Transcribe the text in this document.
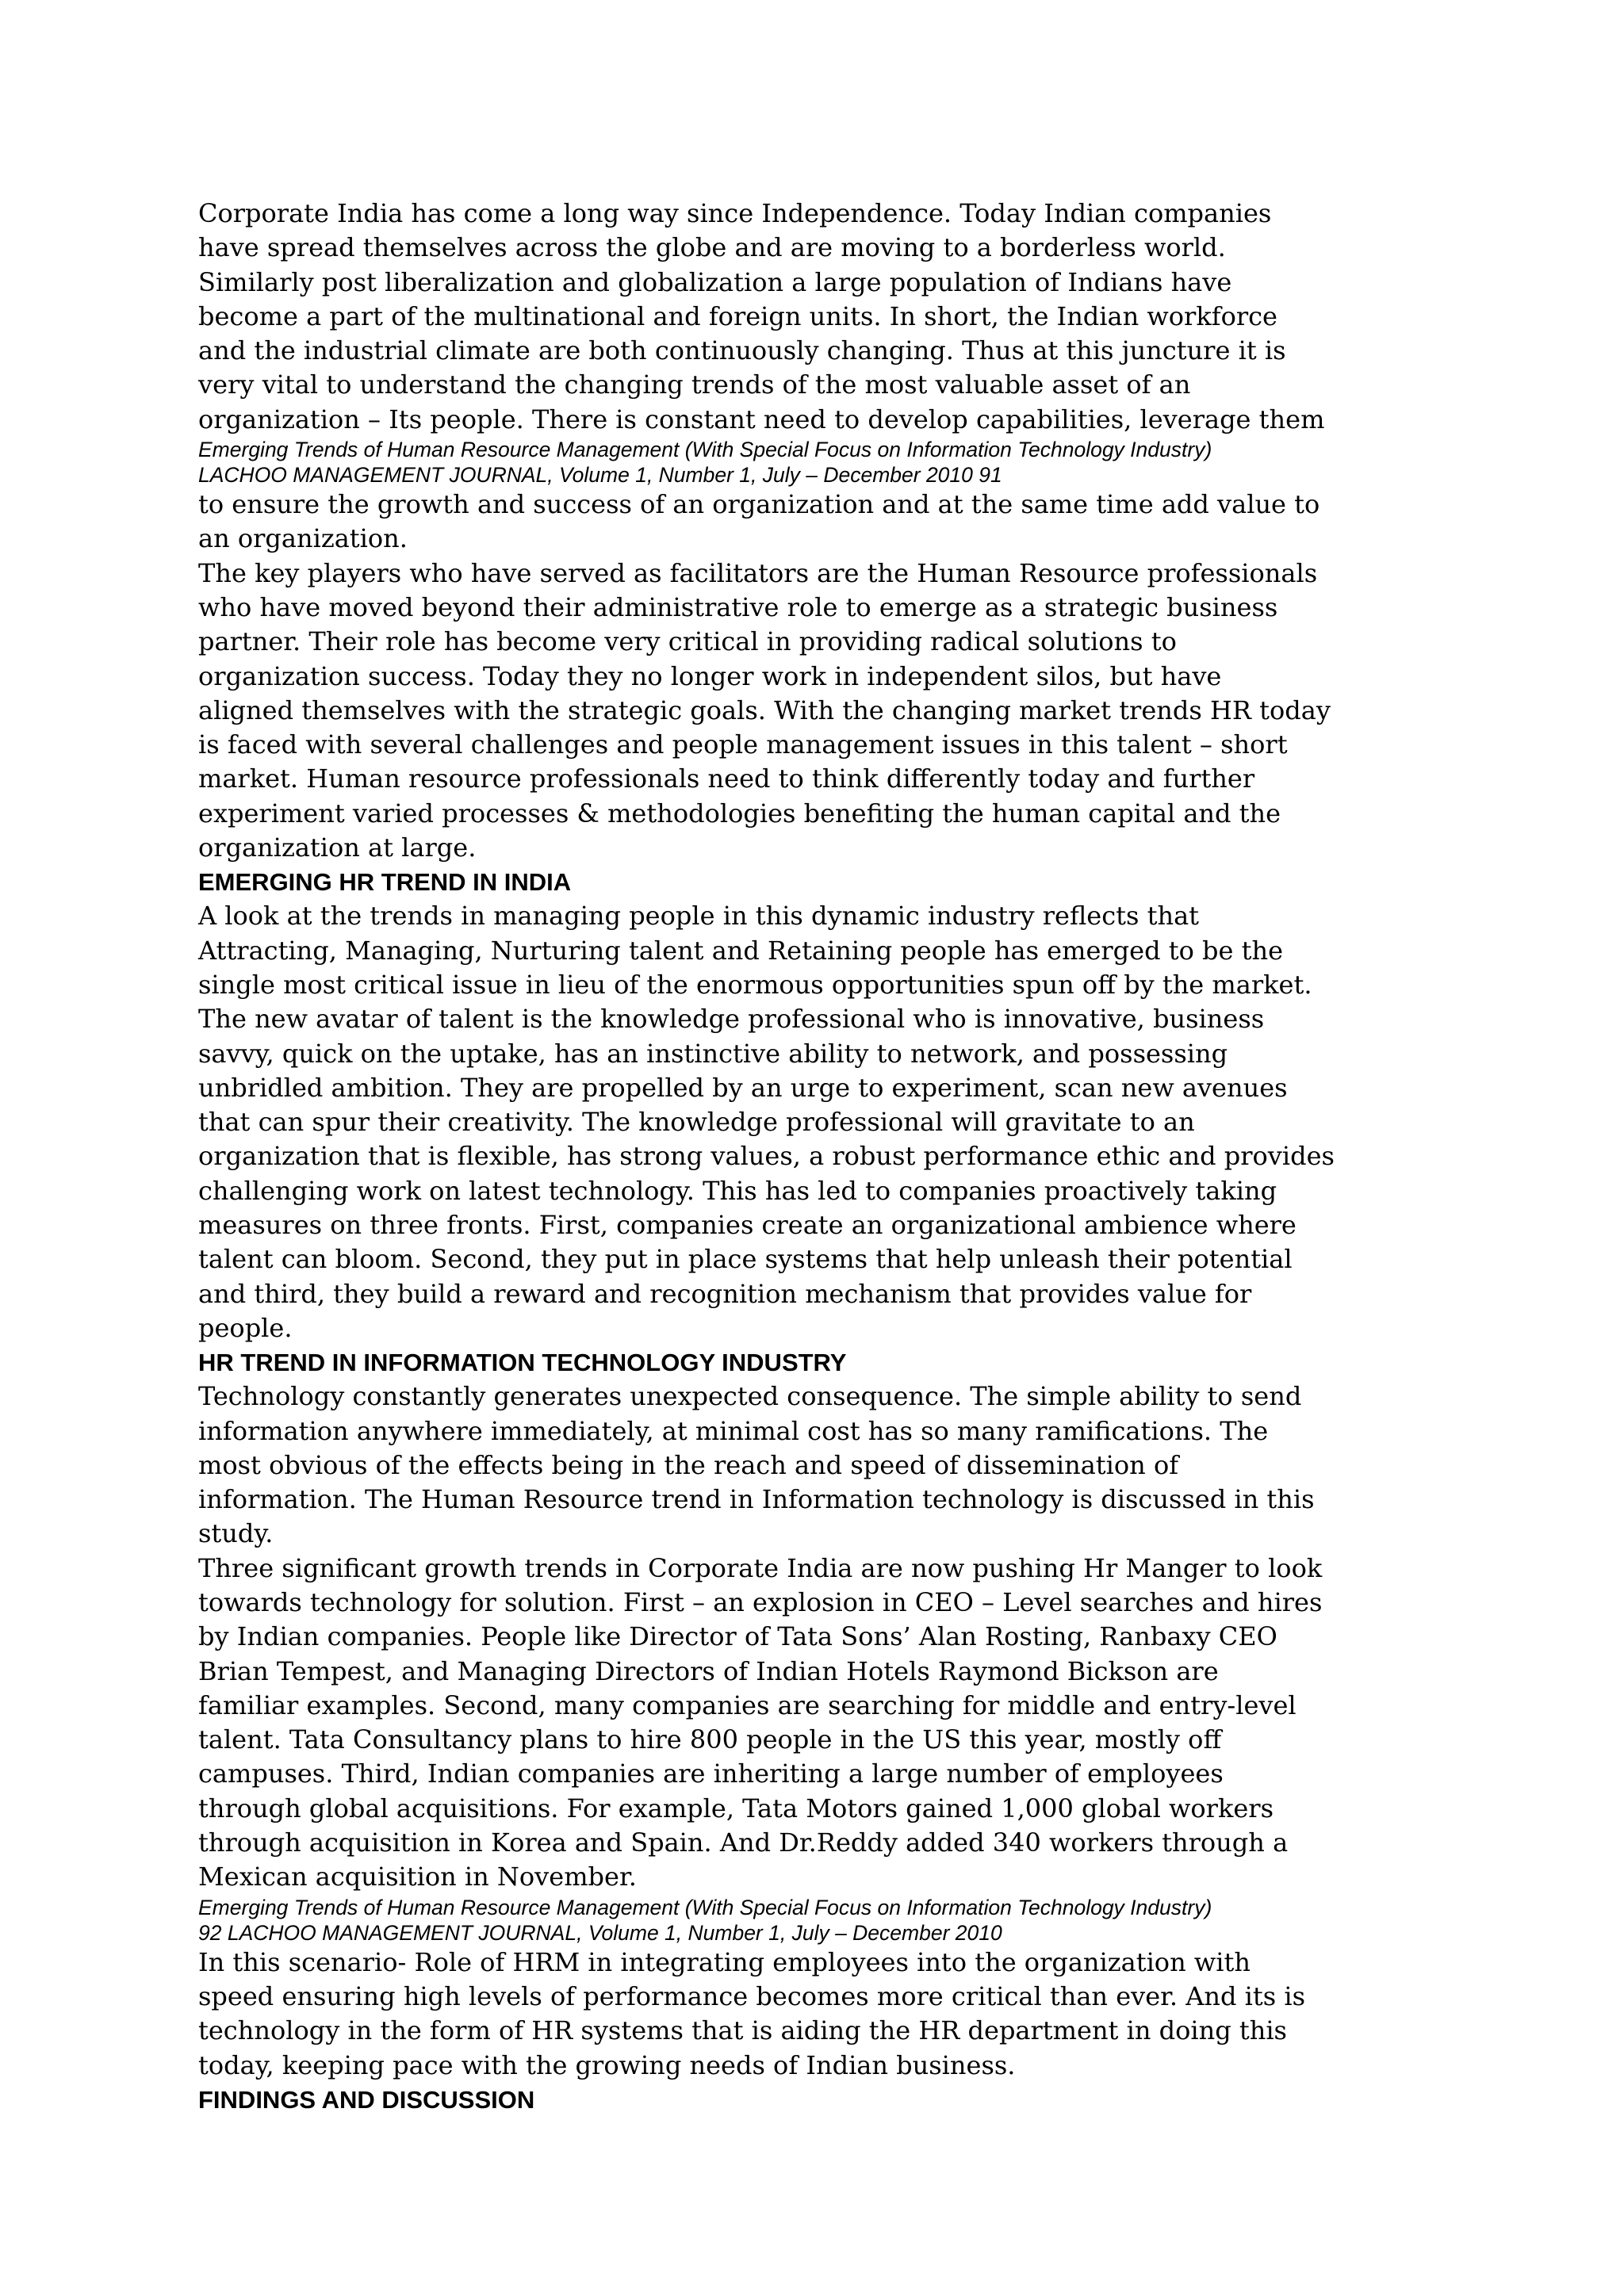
Corporate India has come a long way since Independence. Today Indian companies
have spread themselves across the globe and are moving to a borderless world.
Similarly post liberalization and globalization a large population of Indians have
become a part of the multinational and foreign units. In short, the Indian workforce
and the industrial climate are both continuously changing. Thus at this juncture it is
very vital to understand the changing trends of the most valuable asset of an
organization – Its people. There is constant need to develop capabilities, leverage them
Emerging Trends of Human Resource Management (With Special Focus on Information Technology Industry)
LACHOO MANAGEMENT JOURNAL, Volume 1, Number 1, July – December 2010 91
to ensure the growth and success of an organization and at the same time add value to
an organization.
The key players who have served as facilitators are the Human Resource professionals
who have moved beyond their administrative role to emerge as a strategic business
partner. Their role has become very critical in providing radical solutions to
organization success. Today they no longer work in independent silos, but have
aligned themselves with the strategic goals. With the changing market trends HR today
is faced with several challenges and people management issues in this talent – short
market. Human resource professionals need to think differently today and further
experiment varied processes & methodologies benefiting the human capital and the
organization at large.
EMERGING HR TREND IN INDIA
A look at the trends in managing people in this dynamic industry reflects that
Attracting, Managing, Nurturing talent and Retaining people has emerged to be the
single most critical issue in lieu of the enormous opportunities spun off by the market.
The new avatar of talent is the knowledge professional who is innovative, business
savvy, quick on the uptake, has an instinctive ability to network, and possessing
unbridled ambition. They are propelled by an urge to experiment, scan new avenues
that can spur their creativity. The knowledge professional will gravitate to an
organization that is flexible, has strong values, a robust performance ethic and provides
challenging work on latest technology. This has led to companies proactively taking
measures on three fronts. First, companies create an organizational ambience where
talent can bloom. Second, they put in place systems that help unleash their potential
and third, they build a reward and recognition mechanism that provides value for
people.
HR TREND IN INFORMATION TECHNOLOGY INDUSTRY
Technology constantly generates unexpected consequence. The simple ability to send
information anywhere immediately, at minimal cost has so many ramifications. The
most obvious of the effects being in the reach and speed of dissemination of
information. The Human Resource trend in Information technology is discussed in this
study.
Three significant growth trends in Corporate India are now pushing Hr Manger to look
towards technology for solution. First – an explosion in CEO – Level searches and hires
by Indian companies. People like Director of Tata Sons’ Alan Rosting, Ranbaxy CEO
Brian Tempest, and Managing Directors of Indian Hotels Raymond Bickson are
familiar examples. Second, many companies are searching for middle and entry-level
talent. Tata Consultancy plans to hire 800 people in the US this year, mostly off
campuses. Third, Indian companies are inheriting a large number of employees
through global acquisitions. For example, Tata Motors gained 1,000 global workers
through acquisition in Korea and Spain. And Dr.Reddy added 340 workers through a
Mexican acquisition in November.
Emerging Trends of Human Resource Management (With Special Focus on Information Technology Industry)
92 LACHOO MANAGEMENT JOURNAL, Volume 1, Number 1, July – December 2010
In this scenario- Role of HRM in integrating employees into the organization with
speed ensuring high levels of performance becomes more critical than ever. And its is
technology in the form of HR systems that is aiding the HR department in doing this
today, keeping pace with the growing needs of Indian business.
FINDINGS AND DISCUSSION
